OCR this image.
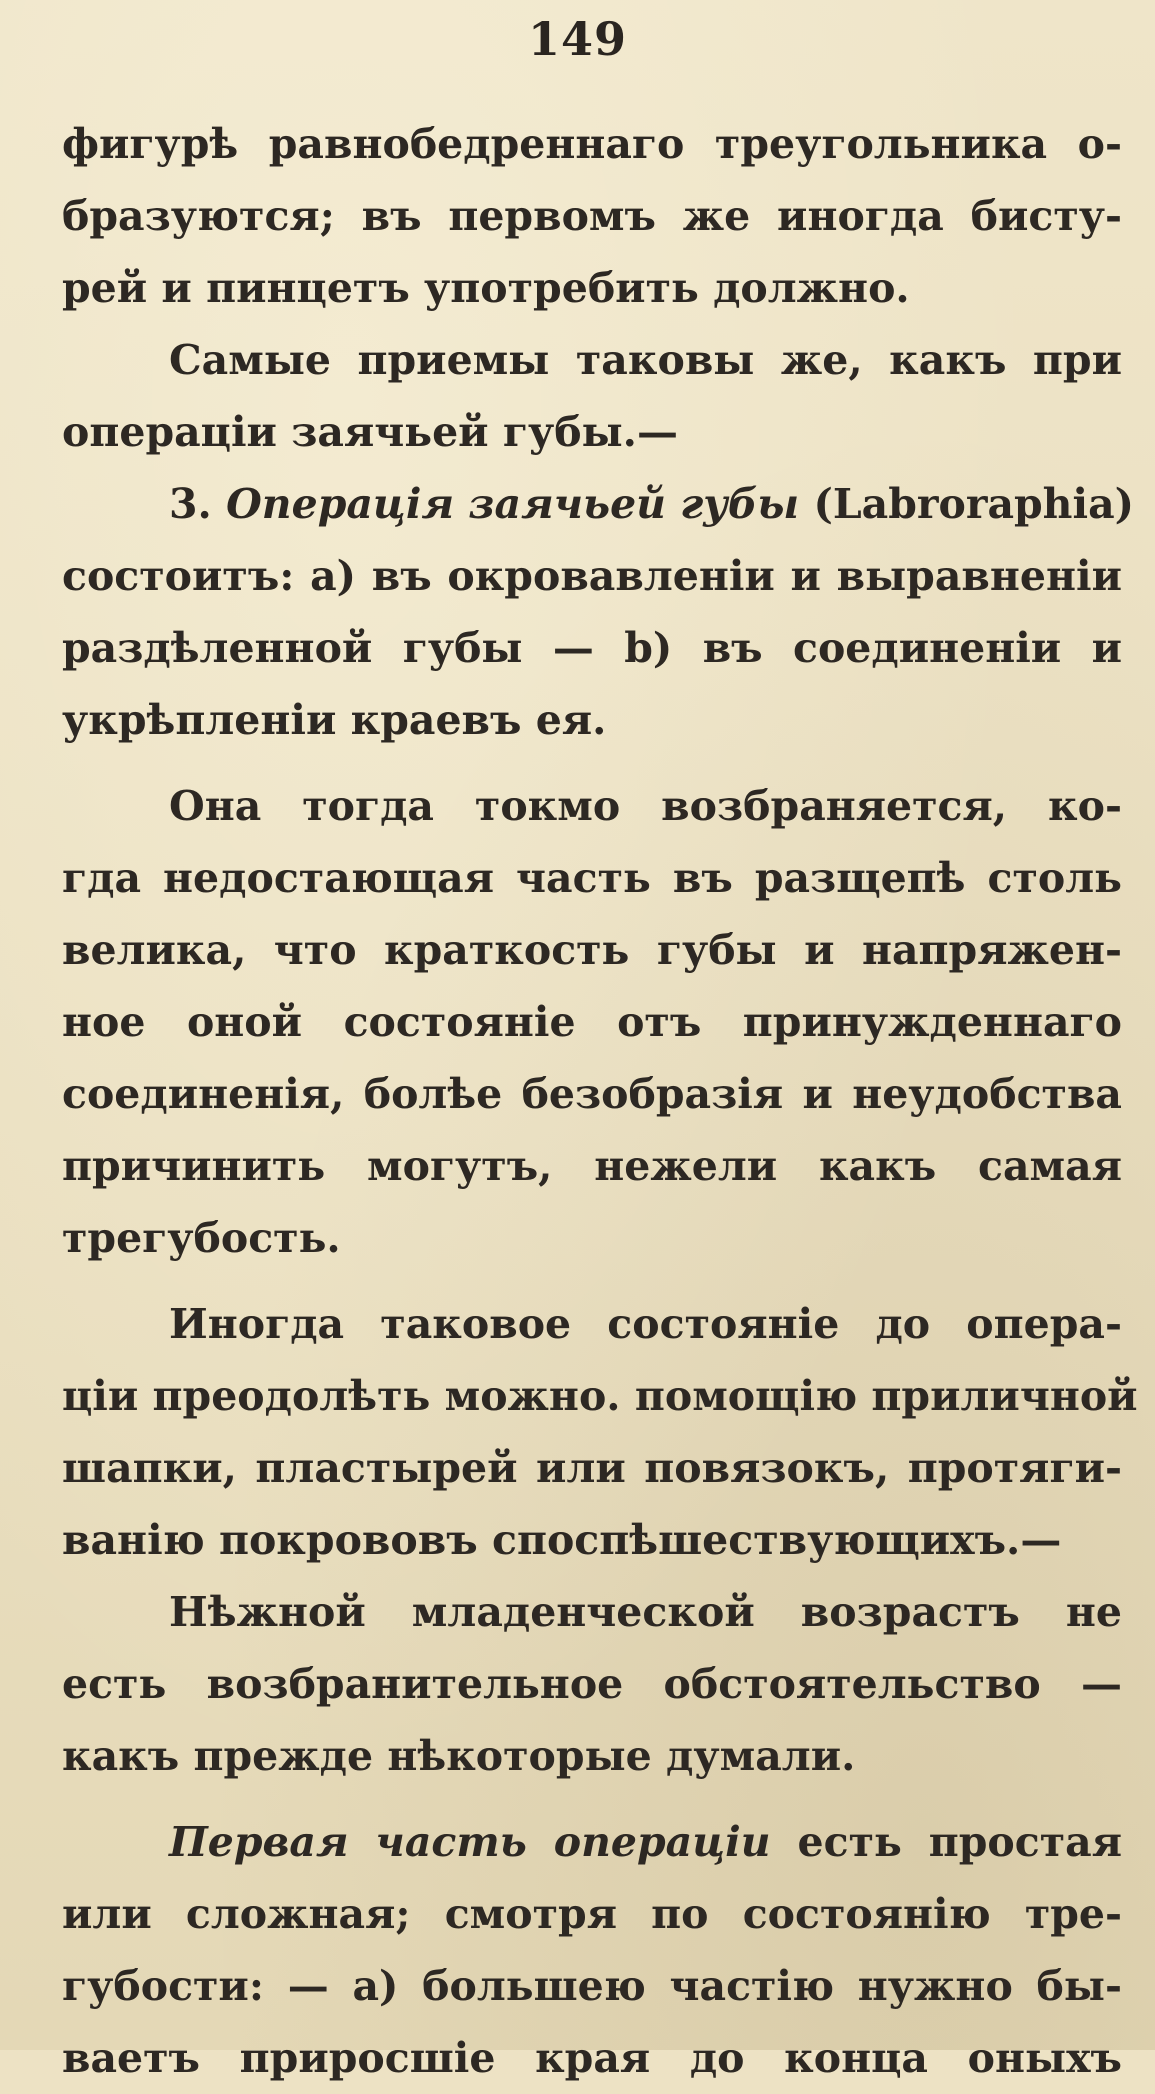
149
фигурѣ равнобедреннаго треугольника о-
бразуются; въ первомъ же иногда бисту-
рей и пинцетъ употребить должно.
Самые приемы таковы же, какъ при
операціи заячьей губы.—
3. Операція заячьей губы (Labroraphia)
состоитъ: a) въ окровавленіи и выравненіи
раздѣленной губы — b) въ соединеніи и
укрѣпленіи краевъ ея.
Она тогда токмо возбраняется, ко-
гда недостающая часть въ разщепѣ столь
велика, что краткость губы и напряжен-
ное оной состояніе отъ принужденнаго
соединенія, болѣе безобразія и неудобства
причинить могутъ, нежели какъ самая
трегубость.
Иногда таковое состояніе до опера-
ціи преодолѣть можно. помощію приличной
шапки, пластырей или повязокъ, протяги-
ванію покрововъ споспѣшествующихъ.—
Нѣжной младенческой возрастъ не
есть возбранительное обстоятельство —
какъ прежде нѣкоторые думали.
Первая часть операціи есть простая
или сложная; смотря по состоянію тре-
губости: — a) большею частію нужно бы-
ваетъ приросшіе края до конца оныхъ
